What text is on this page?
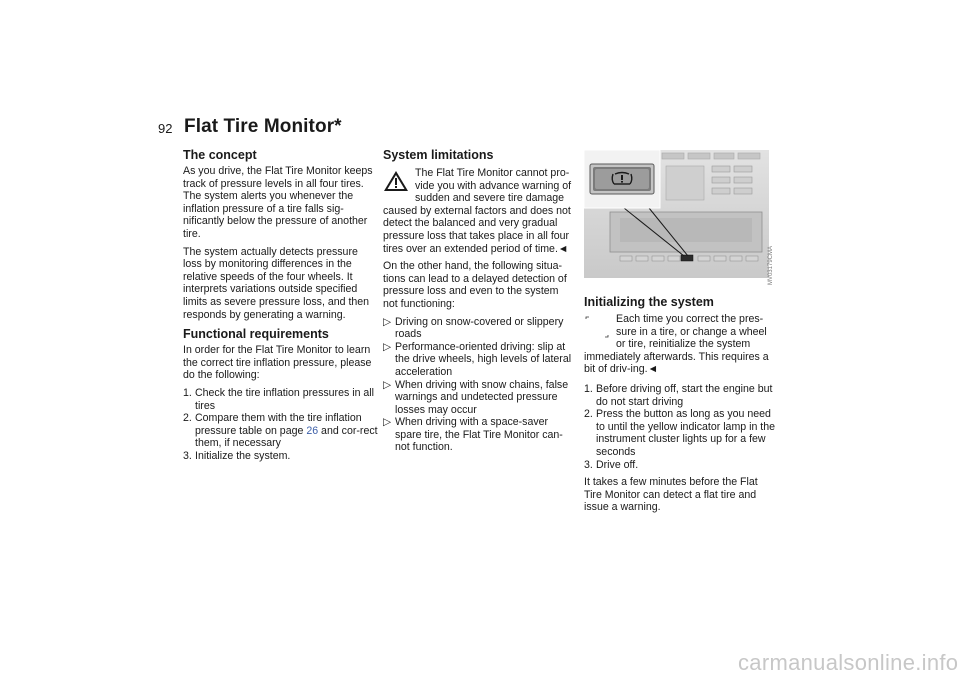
92 Flat Tire Monitor*
The concept

As you drive, the Flat Tire Monitor keeps track of pressure levels in all four tires. The system alerts you whenever the inflation pressure of a tire falls sig-nificantly below the pressure of another tire.

The system actually detects pressure loss by monitoring differences in the relative speeds of the four wheels. It interprets variations outside specified limits as severe pressure loss, and then responds by generating a warning.

Functional requirements

In order for the Flat Tire Monitor to learn the correct tire inflation pressure, please do the following:

1. Check the tire inflation pressures in all tires
2. Compare them with the tire inflation pressure table on page 26 and cor-rect them, if necessary
3. Initialize the system.
System limitations
The Flat Tire Monitor cannot pro-vide you with advance warning of sudden and severe tire damage caused by external factors and does not detect the balanced and very gradual pressure loss that takes place in all four tires over an extended period of time.◄

On the other hand, the following situa-tions can lead to a delayed detection of pressure loss and even to the system not functioning:

▷ Driving on snow-covered or slippery roads
▷ Performance-oriented driving: slip at the drive wheels, high levels of lateral acceleration
▷ When driving with snow chains, false warnings and undetected pressure losses may occur
▷ When driving with a space-saver spare tire, the Flat Tire Monitor can-not function.
MV03179CMA
Initializing the system
Each time you correct the pres-sure in a tire, or change a wheel or tire, reinitialize the system immediately afterwards. This requires a bit of driv-ing.◄
1. Before driving off, start the engine but do not start driving
2. Press the button as long as you need to until the yellow indicator lamp in the instrument cluster lights up for a few seconds
3. Drive off.

It takes a few minutes before the Flat Tire Monitor can detect a flat tire and issue a warning.

carmanualsonline.info
